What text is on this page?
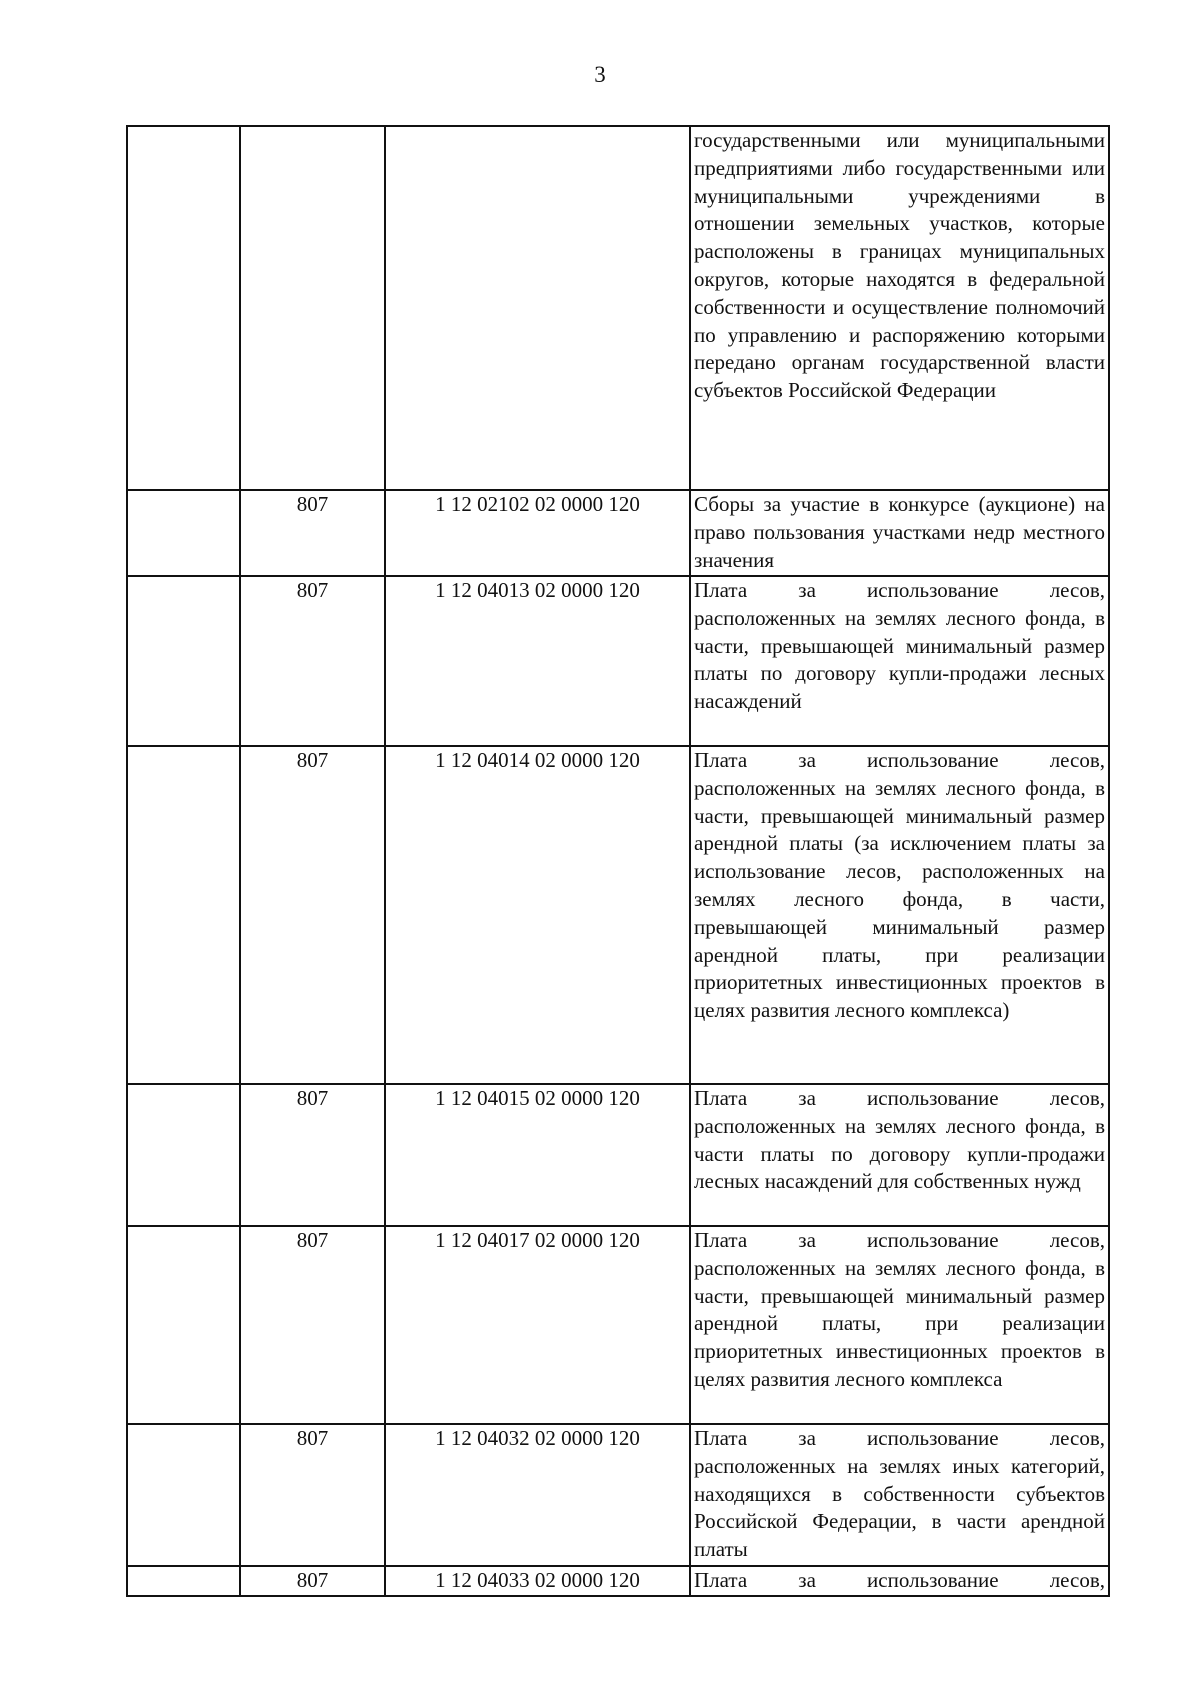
3
			государственными или муниципальными предприятиями либо государственными или муниципальными учреждениями в отношении земельных участков, которые расположены в границах муниципальных округов, которые находятся в федеральной собственности и осуществление полномочий по управлению и распоряжению которыми передано органам государственной власти субъектов Российской Федерации
	807	1 12 02102 02 0000 120	Сборы за участие в конкурсе (аукционе) на право пользования участками недр местного значения
	807	1 12 04013 02 0000 120	Плата за использование лесов, расположенных на землях лесного фонда, в части, превышающей минимальный размер платы по договору купли-продажи лесных насаждений
	807	1 12 04014 02 0000 120	Плата за использование лесов, расположенных на землях лесного фонда, в части, превышающей минимальный размер арендной платы (за исключением платы за использование лесов, расположенных на землях лесного фонда, в части, превышающей минимальный размер арендной платы, при реализации приоритетных инвестиционных проектов в целях развития лесного комплекса)
	807	1 12 04015 02 0000 120	Плата за использование лесов, расположенных на землях лесного фонда, в части платы по договору купли-продажи лесных насаждений для собственных нужд
	807	1 12 04017 02 0000 120	Плата за использование лесов, расположенных на землях лесного фонда, в части, превышающей минимальный размер арендной платы, при реализации приоритетных инвестиционных проектов в целях развития лесного комплекса
	807	1 12 04032 02 0000 120	Плата за использование лесов, расположенных на землях иных категорий, находящихся в собственности субъектов Российской Федерации, в части арендной платы
	807	1 12 04033 02 0000 120	Плата за использование лесов,
